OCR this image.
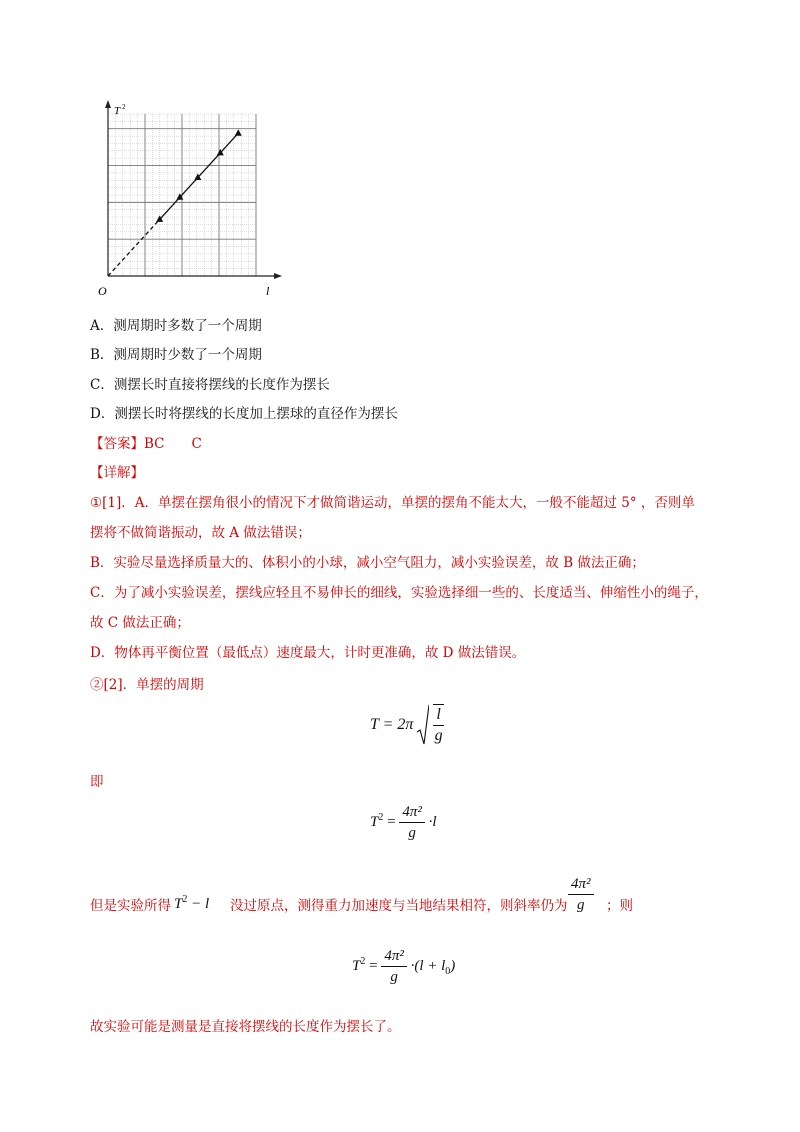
T 2
O	l
A．测周期时多数了一个周期
B．测周期时少数了一个周期
C．测摆长时直接将摆线的长度作为摆长
D．测摆长时将摆线的长度加上摆球的直径作为摆长
【答案】BC　　C
【详解】
①[1]．A．单摆在摆角很小的情况下才做简谐运动，单摆的摆角不能太大，一般不能超过 5° ，否则单
摆将不做简谐振动，故 A 做法错误；
B．实验尽量选择质量大的、体积小的小球，减小空气阻力，减小实验误差，故 B 做法正确；
C．为了减小实验误差，摆线应轻且不易伸长的细线，实验选择细一些的、长度适当、伸缩性小的绳子，
故 C 做法正确；
D．物体再平衡位置（最低点）速度最大，计时更准确，故 D 做法错误。
②[2]．单摆的周期
$T = 2\pi \frac{l}{g}$
即
$T^2 = \frac{\text{4π²}}{g} \cdot l$
但是实验所得 $T^2 - l$ 没过原点，测得重力加速度与当地结果相符，则斜率仍为 $\frac{\text{4π²}}{g}$ ；则
$T^2 = \frac{\text{4π²}}{g} \cdot(l + l_0)$
故实验可能是测量是直接将摆线的长度作为摆长了。
